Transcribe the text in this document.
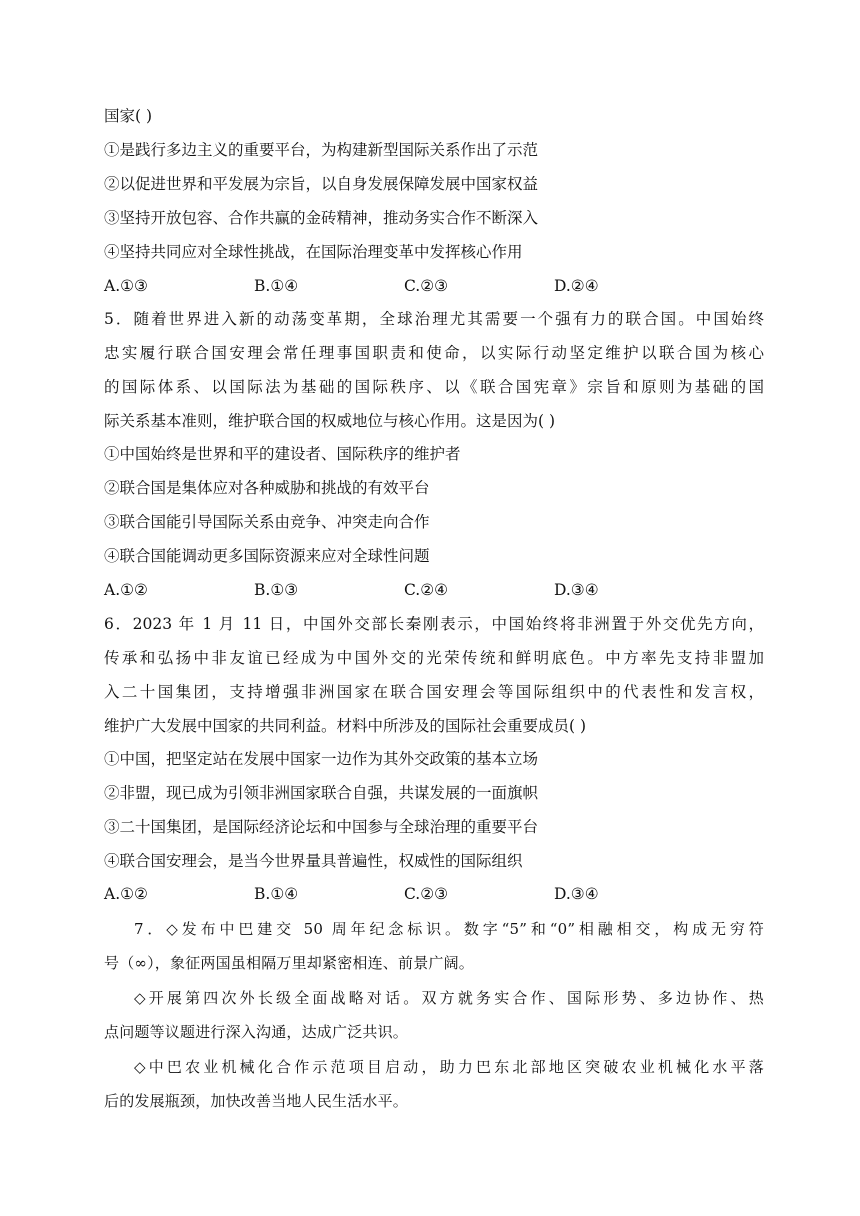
国家( )
①是践行多边主义的重要平台，为构建新型国际关系作出了示范
②以促进世界和平发展为宗旨，以自身发展保障发展中国家权益
③坚持开放包容、合作共赢的金砖精神，推动务实合作不断深入
④坚持共同应对全球性挑战，在国际治理变革中发挥核心作用
A.①③	B.①④	C.②③	D.②④
5．随着世界进入新的动荡变革期，全球治理尤其需要一个强有力的联合国。中国始终
忠实履行联合国安理会常任理事国职责和使命，以实际行动坚定维护以联合国为核心
的国际体系、以国际法为基础的国际秩序、以《联合国宪章》宗旨和原则为基础的国
际关系基本准则，维护联合国的权威地位与核心作用。这是因为( )
①中国始终是世界和平的建设者、国际秩序的维护者
②联合国是集体应对各种威胁和挑战的有效平台
③联合国能引导国际关系由竞争、冲突走向合作
④联合国能调动更多国际资源来应对全球性问题
A.①②	B.①③	C.②④	D.③④
6．2023 年 1 月 11 日，中国外交部长秦刚表示，中国始终将非洲置于外交优先方向，
传承和弘扬中非友谊已经成为中国外交的光荣传统和鲜明底色。中方率先支持非盟加
入二十国集团，支持增强非洲国家在联合国安理会等国际组织中的代表性和发言权，
维护广大发展中国家的共同利益。材料中所涉及的国际社会重要成员( )
①中国，把坚定站在发展中国家一边作为其外交政策的基本立场
②非盟，现已成为引领非洲国家联合自强，共谋发展的一面旗帜
③二十国集团，是国际经济论坛和中国参与全球治理的重要平台
④联合国安理会，是当今世界量具普遍性，权威性的国际组织
A.①②	B.①④	C.②③	D.③④
7．◇发布中巴建交 50 周年纪念标识。数字“5”和“0”相融相交，构成无穷符
号（∞），象征两国虽相隔万里却紧密相连、前景广阔。
◇开展第四次外长级全面战略对话。双方就务实合作、国际形势、多边协作、热
点问题等议题进行深入沟通，达成广泛共识。
◇中巴农业机械化合作示范项目启动，助力巴东北部地区突破农业机械化水平落
后的发展瓶颈，加快改善当地人民生活水平。
